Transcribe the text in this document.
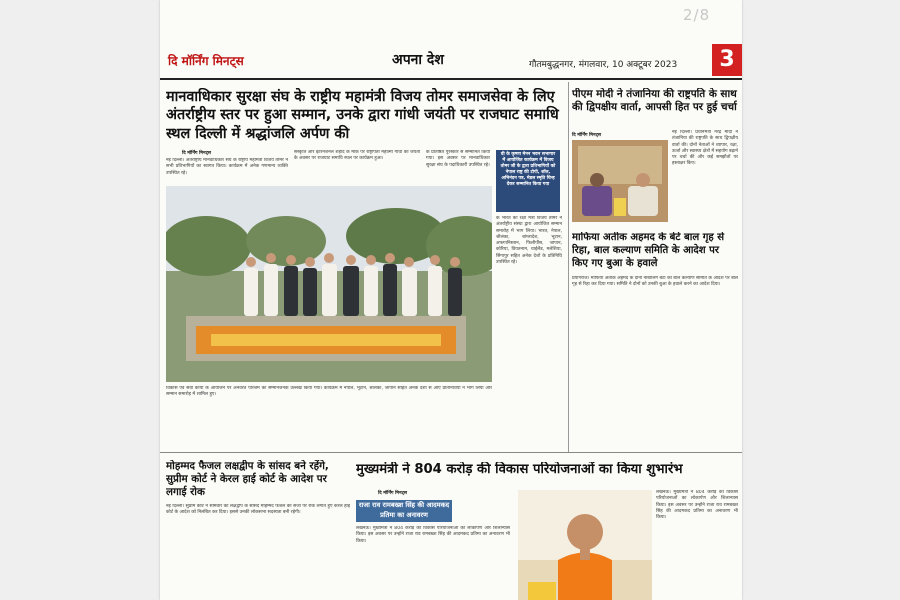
दि मॉर्निंग मिनट्स	अपना देश	गौतमबुद्धनगर, मंगलवार, 10 अक्टूबर 2023	3
मानवाधिकार सुरक्षा संघ के राष्ट्रीय महामंत्री विजय तोमर समाजसेवा के लिए अंतर्राष्ट्रीय स्तर पर हुआ सम्मान, उनके द्वारा गांधी जयंती पर राजघाट समाधि स्थल दिल्ली में श्रद्धांजलि अर्पण की
दि मॉर्निंग मिनट्स
नई दिल्ली। अंतर्राष्ट्रीय मानवाधिकार संघ के राष्ट्रीय महामंत्री विजय तोमर ने सभी प्रतिभागियों का स्वागत किया। कार्यक्रम में अनेक गणमान्य व्यक्ति उपस्थित रहे।
संस्कृति और इंटरनेशनल शहीद के मौके पर राष्ट्रपिता महात्मा गांधी की जयंती के अवसर पर राजघाट समाधि स्थल पर कार्यक्रम हुआ।
के प्रतिष्ठित पुरस्कार से सम्मानित किया गया। इस अवसर पर मानवाधिकार सुरक्षा संघ के पदाधिकारी उपस्थित रहे।
वी के कृष्णा मेनन भवन सभागार में आयोजित कार्यक्रम में विजय तोमर जी के द्वारा प्रतिभागियों को नेपाल राष्ट्र की टोपी, शॉल, अभिनंदन पत्र, मेडल स्मृति चिन्ह देकर सम्मानित किया गया
के भारत को रक्षा मंत्री विजय तोमर ने अंतर्राष्ट्रीय संस्था द्वारा आयोजित सम्मान समारोह में भाग लिया। भारत, नेपाल, श्रीलंका, बांग्लादेश, भूटान, अफगानिस्तान, फिलीपींस, जापान, कोरिया, वियतनाम, थाईलैंड, मलेशिया, सिंगापुर सहित अनेक देशों के प्रतिनिधि उपस्थित रहे।
विकास एवं सेवा कार्यों के आयोजन पर अनवरत परिश्रम का सम्मानजनक उल्लेख किया गया। कार्यक्रम में नेपाल, भूटान, श्रीलंका, जापान सहित अनेक देशों से आए प्रतिनिधियों ने भाग लिया और सम्मान समारोह में शामिल हुए।
पीएम मोदी ने तंजानिया की राष्ट्रपति के साथ की द्विपक्षीय वार्ता, आपसी हित पर हुई चर्चा
दि मॉर्निंग मिनट्स
नई दिल्ली। प्रधानमंत्री नरेंद्र मोदी ने तंजानिया की राष्ट्रपति के साथ द्विपक्षीय वार्ता की। दोनों नेताओं ने व्यापार, रक्षा, ऊर्जा और स्वास्थ्य क्षेत्रों में सहयोग बढ़ाने पर चर्चा की और कई समझौतों पर हस्ताक्षर किए।
माफिया अतीक अहमद के बेटे बाल गृह से रिहा, बाल कल्याण समिति के आदेश पर किए गए बुआ के हवाले
प्रयागराज। माफिया अतीक अहमद के दोनों नाबालिग बेटों को बाल कल्याण समिति के आदेश पर बाल गृह से रिहा कर दिया गया। समिति ने दोनों को उनकी बुआ के हवाले करने का आदेश दिया।
मोहम्मद फैजल लक्षद्वीप के सांसद बने रहेंगे, सुप्रीम कोर्ट ने केरल हाई कोर्ट के आदेश पर लगाई रोक
नई दिल्ली। सुप्रीम कोर्ट ने सोमवार को लक्षद्वीप के सांसद मोहम्मद फैजल की सजा पर रोक लगाते हुए केरल हाई कोर्ट के आदेश को निलंबित कर दिया। इससे उनकी लोकसभा सदस्यता बनी रहेगी।
मुख्यमंत्री ने 804 करोड़ की विकास परियोजनाओं का किया शुभारंभ
दि मॉर्निंग मिनट्स
राजा राव रामबख्श सिंह की आदमकद प्रतिमा का अनावरण
लखनऊ। मुख्यमंत्री ने 804 करोड़ की विकास परियोजनाओं का लोकार्पण और शिलान्यास किया। इस अवसर पर उन्होंने राजा राव रामबख्श सिंह की आदमकद प्रतिमा का अनावरण भी किया।
लखनऊ। मुख्यमंत्री ने 804 करोड़ की विकास परियोजनाओं का लोकार्पण और शिलान्यास किया। इस अवसर पर उन्होंने राजा राव रामबख्श सिंह की आदमकद प्रतिमा का अनावरण भी किया।
2/8
